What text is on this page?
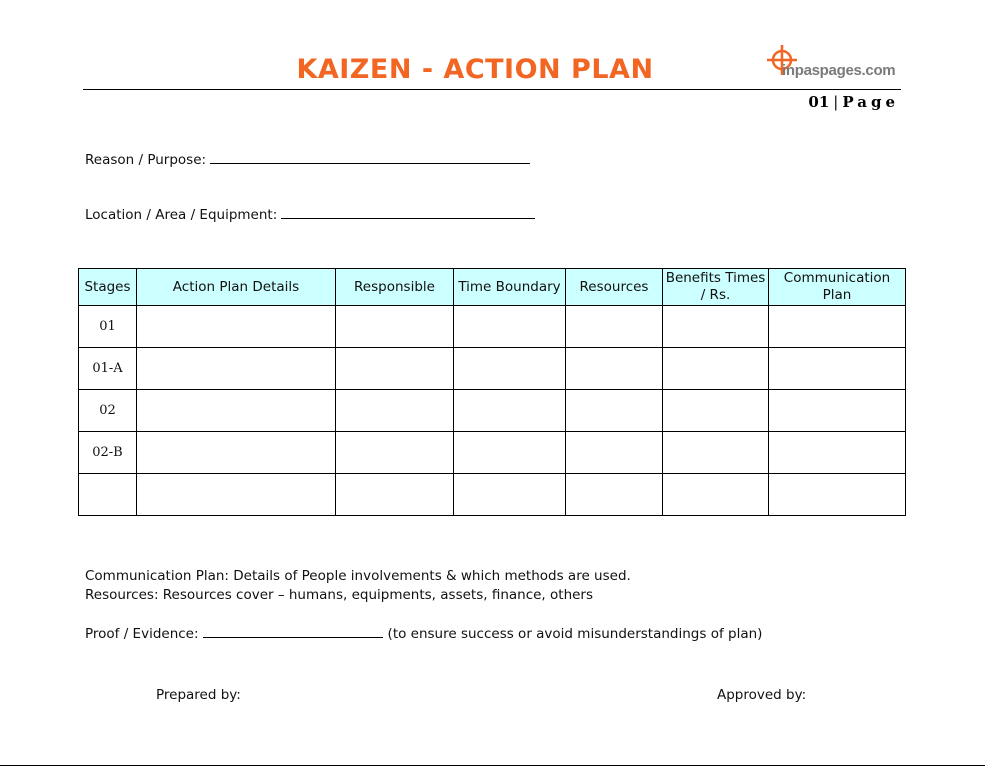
KAIZEN - ACTION PLAN	inpaspages.com
01 | Page
Reason / Purpose:
Location / Area / Equipment:
Stages	Action Plan Details	Responsible	Time Boundary	Resources	Benefits Times / Rs.	Communication Plan
01						
01-A						
02						
02-B						

Communication Plan: Details of People involvements & which methods are used.
Resources: Resources cover – humans, equipments, assets, finance, others
Proof / Evidence:	(to ensure success or avoid misunderstandings of plan)
Prepared by:	Approved by:
